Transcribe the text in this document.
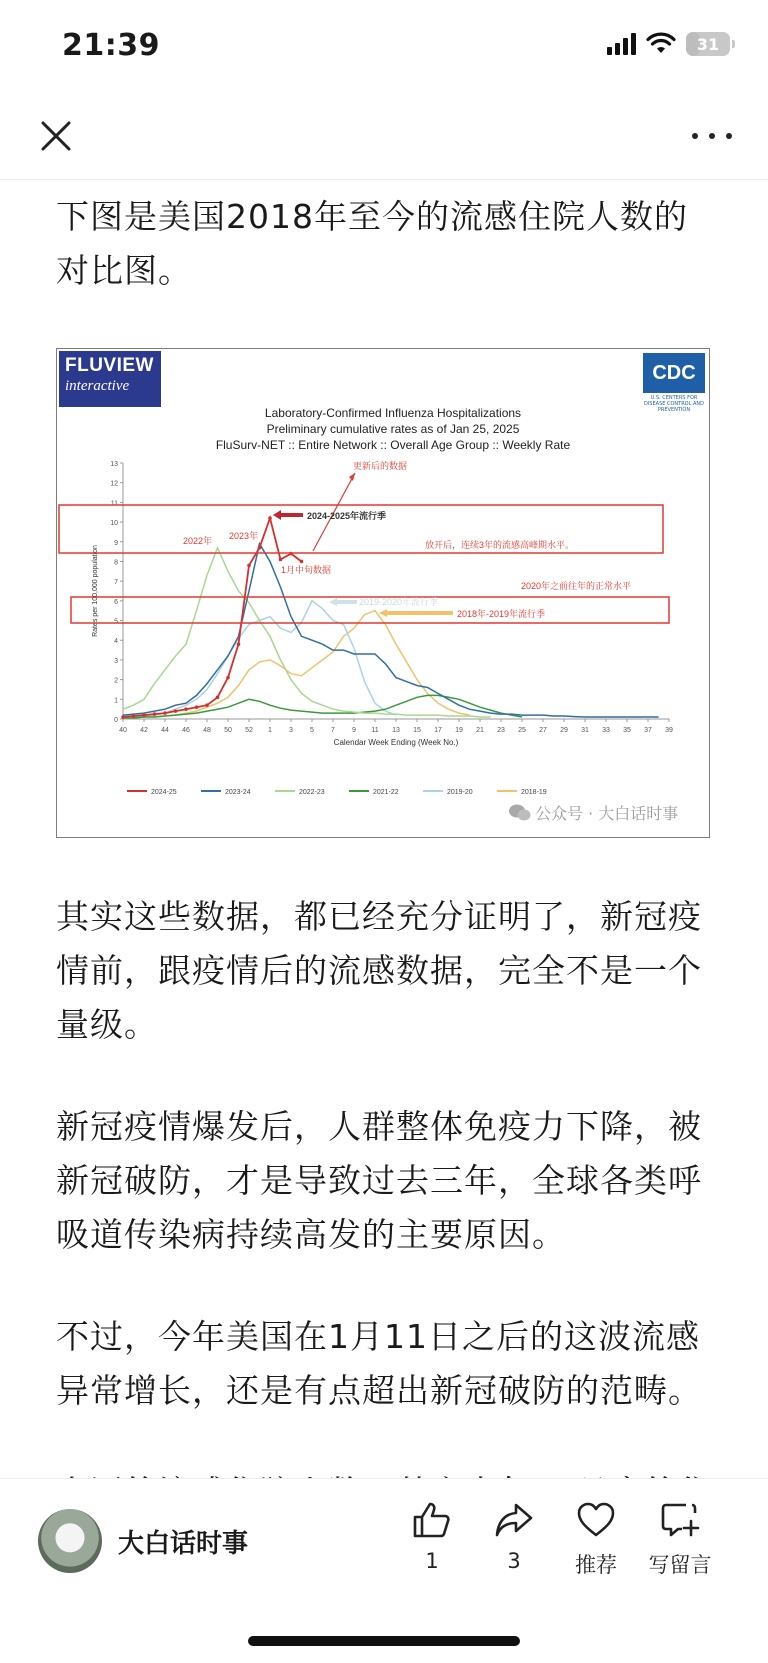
21:39	31

下图是美国2018年至今的流感住院人数的对比图。

Laboratory-Confirmed Influenza Hospitalizations
Preliminary cumulative rates as of Jan 25, 2025
FluSurv-NET :: Entire Network :: Overall Age Group :: Weekly Rate
0
1
2
3
4
5
6
7
8
9
10
11
12
13
40 42 44 46 48 50 52 1 3 5 7 9 11 13 15 17 19 21 23 25 27 29 31 33 35 37 39
Calendar Week Ending (Week No.)
Rates per 100,000 population
2024-25	2023-24	2022-23	2021-22	2019-20	2018-19
更新后的数据
2024-2025年流行季
2022年 2023年
放开后，连续3年的流感高峰期水平。
1月中旬数据
2020年之前往年的正常水平
2019-2020年流行季
2018年-2019年流行季
FLUVIEW
interactive
CDC
U.S. CENTERS FOR DISEASE CONTROL AND PREVENTION
公众号 · 大白话时事

其实这些数据，都已经充分证明了，新冠疫情前，跟疫情后的流感数据，完全不是一个量级。

新冠疫情爆发后，人群整体免疫力下降，被新冠破防，才是导致过去三年，全球各类呼吸道传染病持续高发的主要原因。

不过，今年美国在1月11日之后的这波流感异常增长，还是有点超出新冠破防的范畴。

大白话时事
1	3	推荐 写留言
